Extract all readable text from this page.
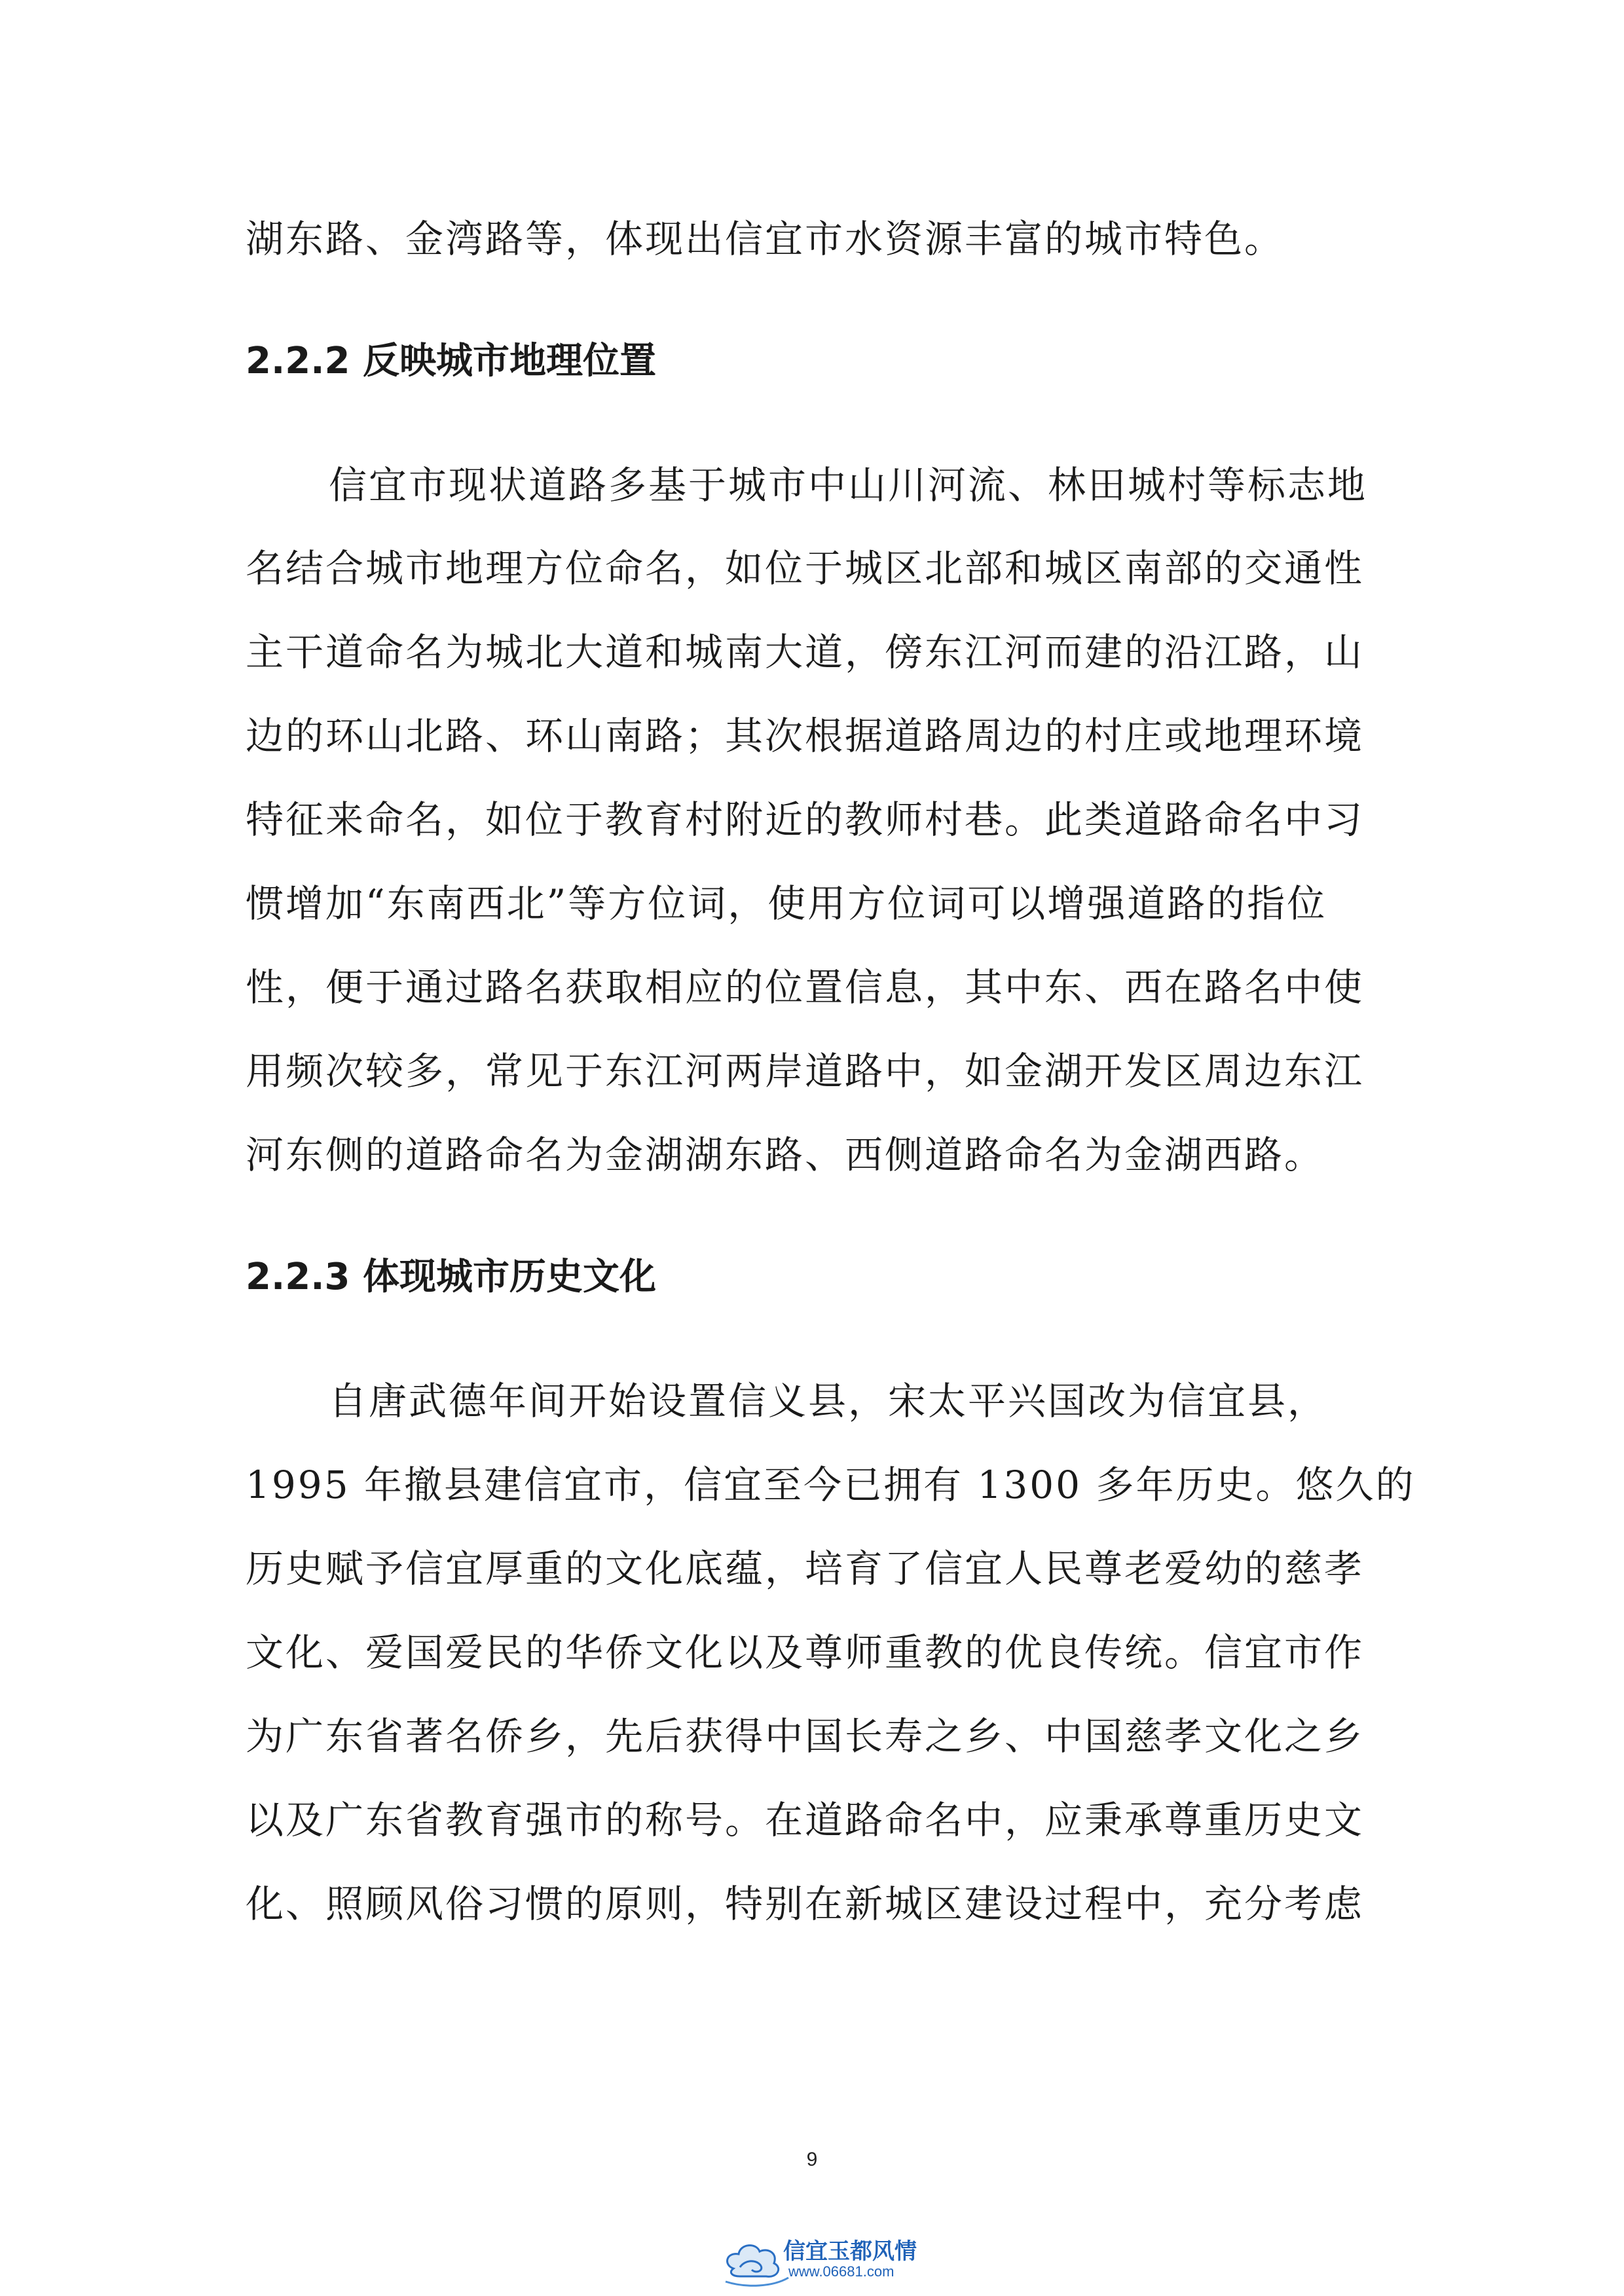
湖东路、金湾路等，体现出信宜市水资源丰富的城市特色。
2.2.2 反映城市地理位置
信宜市现状道路多基于城市中山川河流、林田城村等标志地
名结合城市地理方位命名，如位于城区北部和城区南部的交通性
主干道命名为城北大道和城南大道，傍东江河而建的沿江路，山
边的环山北路、环山南路；其次根据道路周边的村庄或地理环境
特征来命名，如位于教育村附近的教师村巷。此类道路命名中习
惯增加“东南西北”等方位词，使用方位词可以增强道路的指位
性，便于通过路名获取相应的位置信息，其中东、西在路名中使
用频次较多，常见于东江河两岸道路中，如金湖开发区周边东江
河东侧的道路命名为金湖湖东路、西侧道路命名为金湖西路。
2.2.3 体现城市历史文化
自唐武德年间开始设置信义县，宋太平兴国改为信宜县，
1995 年撤县建信宜市，信宜至今已拥有 1300 多年历史。悠久的
历史赋予信宜厚重的文化底蕴，培育了信宜人民尊老爱幼的慈孝
文化、爱国爱民的华侨文化以及尊师重教的优良传统。信宜市作
为广东省著名侨乡，先后获得中国长寿之乡、中国慈孝文化之乡
以及广东省教育强市的称号。在道路命名中，应秉承尊重历史文
化、照顾风俗习惯的原则，特别在新城区建设过程中，充分考虑
9
信宜玉都风情
www.06681.com
